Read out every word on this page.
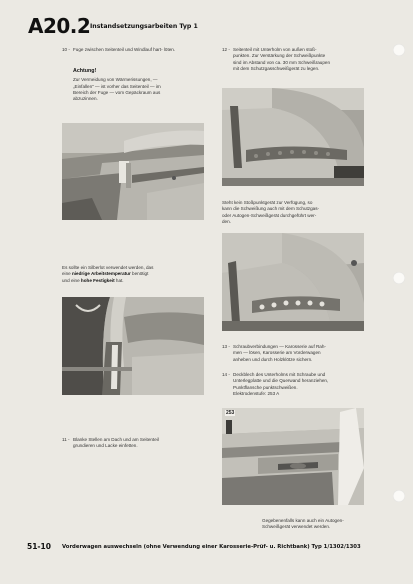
A20.2 Instandsetzungsarbeiten Typ 1
10 - Fuge zwischen Seitenteil und Windlauf hart- löten.
Achtung!
Zur Vermeidung von Wärmerissungen, —
„Einfallen" — ist vorher das Seitenteil — im
Bereich der Fuge — vom Gepäckraum aus
abzuzinnen.
Es sollte ein Silberlot verwendet werden, das
eine niedrige Arbeitstemperatur benötigt
und eine hohe Festigkeit hat.
11 - Blanke Stellen am Dach und am Seitenteil
grundieren und Lacke einfetten.
12 - Seitenteil mit Unterholm von außen stoß-
punkten. Zur Verstärkung der Schweißpunkte
sind im Abstand von ca. 30 mm Schweißraupen
mit dem Schutzgasschweißgerät zu legen.
Steht kein Stoßpunktgerät zur Verfügung, so
kann die Schweißung auch mit dem Schutzgas-
oder Autogen-Schweißgerät durchgeführt wer-
den.
13 - Schraubverbindungen — Karosserie auf Rah-
men — lösen, Karosserie am Vorderwagen
anheben und durch Holzklötze sichern.
14 - Deckblech des Unterholms mit Schraube und
Unterlegplatte und die Querwand heranziehen,
Punktflansche punktschweißen.
Elektrodenstufe: 253 A
253
Gegebenenfalls kann auch ein Autogen-
Schweißgerät verwendet werden.
51-10 Vorderwagen auswechseln (ohne Verwendung einer Karosserie-Prüf- u. Richtbank) Typ 1/1302/1303
